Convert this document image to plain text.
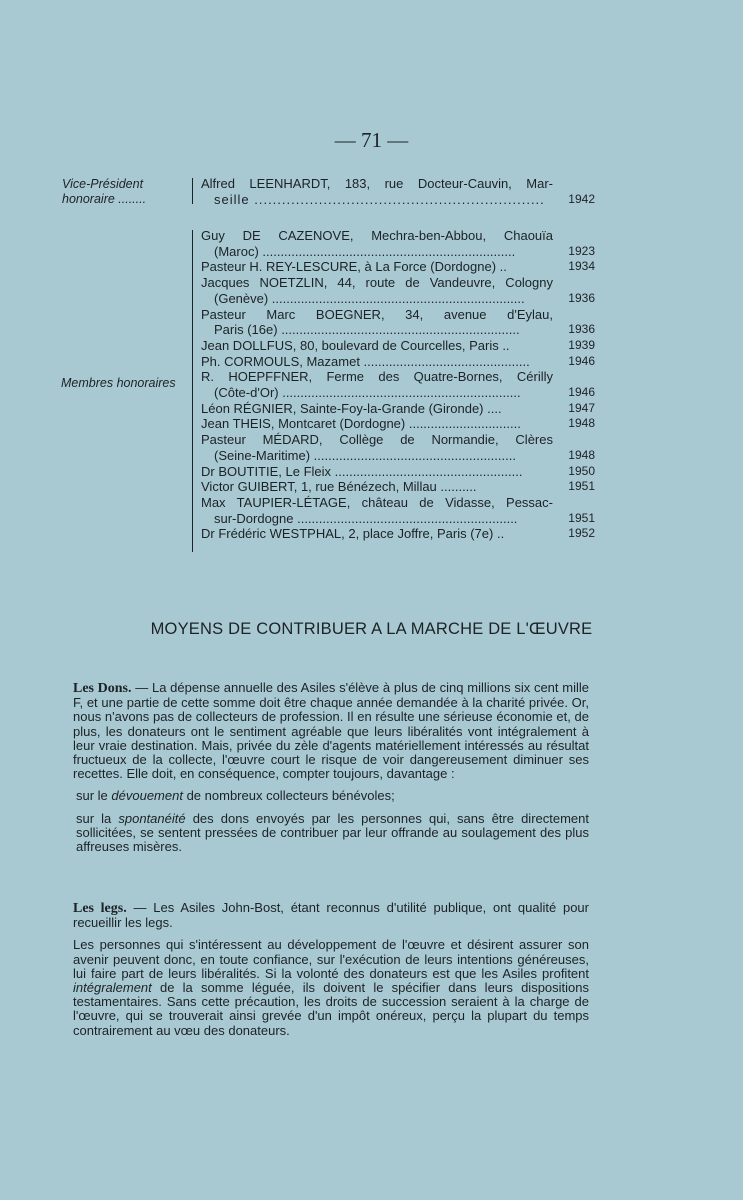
— 71 —
Vice-Président
honoraire ........
Alfred LEENHARDT, 183, rue Docteur-Cauvin, Mar-
seille ...............................................................	1942
Membres honoraires
Guy DE CAZENOVE, Mechra-ben-Abbou, Chaouïa
(Maroc) ......................................................................	1923
Pasteur H. REY-LESCURE, à La Force (Dordogne) ..	1934
Jacques NOETZLIN, 44, route de Vandeuvre, Cologny
(Genève) ......................................................................	1936
Pasteur Marc BOEGNER, 34, avenue d'Eylau,
Paris (16e) ..................................................................	1936
Jean DOLLFUS, 80, boulevard de Courcelles, Paris ..	1939
Ph. CORMOULS, Mazamet ..............................................	1946
R. HOEPFFNER, Ferme des Quatre-Bornes, Cérilly
(Côte-d'Or) ..................................................................	1946
Léon RÉGNIER, Sainte-Foy-la-Grande (Gironde) ....	1947
Jean THEIS, Montcaret (Dordogne) ...............................	1948
Pasteur MÉDARD, Collège de Normandie, Clères
(Seine-Maritime) ........................................................	1948
Dr BOUTITIE, Le Fleix ....................................................	1950
Victor GUIBERT, 1, rue Bénézech, Millau ..........	1951
Max TAUPIER-LÉTAGE, château de Vidasse, Pessac-
sur-Dordogne .............................................................	1951
Dr Frédéric WESTPHAL, 2, place Joffre, Paris (7e) ..	1952
MOYENS DE CONTRIBUER A LA MARCHE DE L'ŒUVRE

Les Dons. — La dépense annuelle des Asiles s'élève à plus de cinq millions six cent mille F, et une partie de cette somme doit être chaque année demandée à la charité privée. Or, nous n'avons pas de collecteurs de profession. Il en résulte une sérieuse économie et, de plus, les donateurs ont le sentiment agréable que leurs libéralités vont intégralement à leur vraie destination. Mais, privée du zèle d'agents matériellement intéressés au résultat fructueux de la collecte, l'œuvre court le risque de voir dangereusement diminuer ses recettes. Elle doit, en conséquence, compter toujours, davantage :

sur le dévouement de nombreux collecteurs bénévoles;

sur la spontanéité des dons envoyés par les personnes qui, sans être directement sollicitées, se sentent pressées de contribuer par leur offrande au soulagement des plus affreuses misères.

Les legs. — Les Asiles John-Bost, étant reconnus d'utilité publique, ont qualité pour recueillir les legs.

Les personnes qui s'intéressent au développement de l'œuvre et désirent assurer son avenir peuvent donc, en toute confiance, sur l'exécution de leurs intentions généreuses, lui faire part de leurs libéralités. Si la volonté des donateurs est que les Asiles profitent intégralement de la somme léguée, ils doivent le spécifier dans leurs dispositions testamentaires. Sans cette précaution, les droits de succession seraient à la charge de l'œuvre, qui se trouverait ainsi grevée d'un impôt onéreux, perçu la plupart du temps contrairement au vœu des donateurs.
